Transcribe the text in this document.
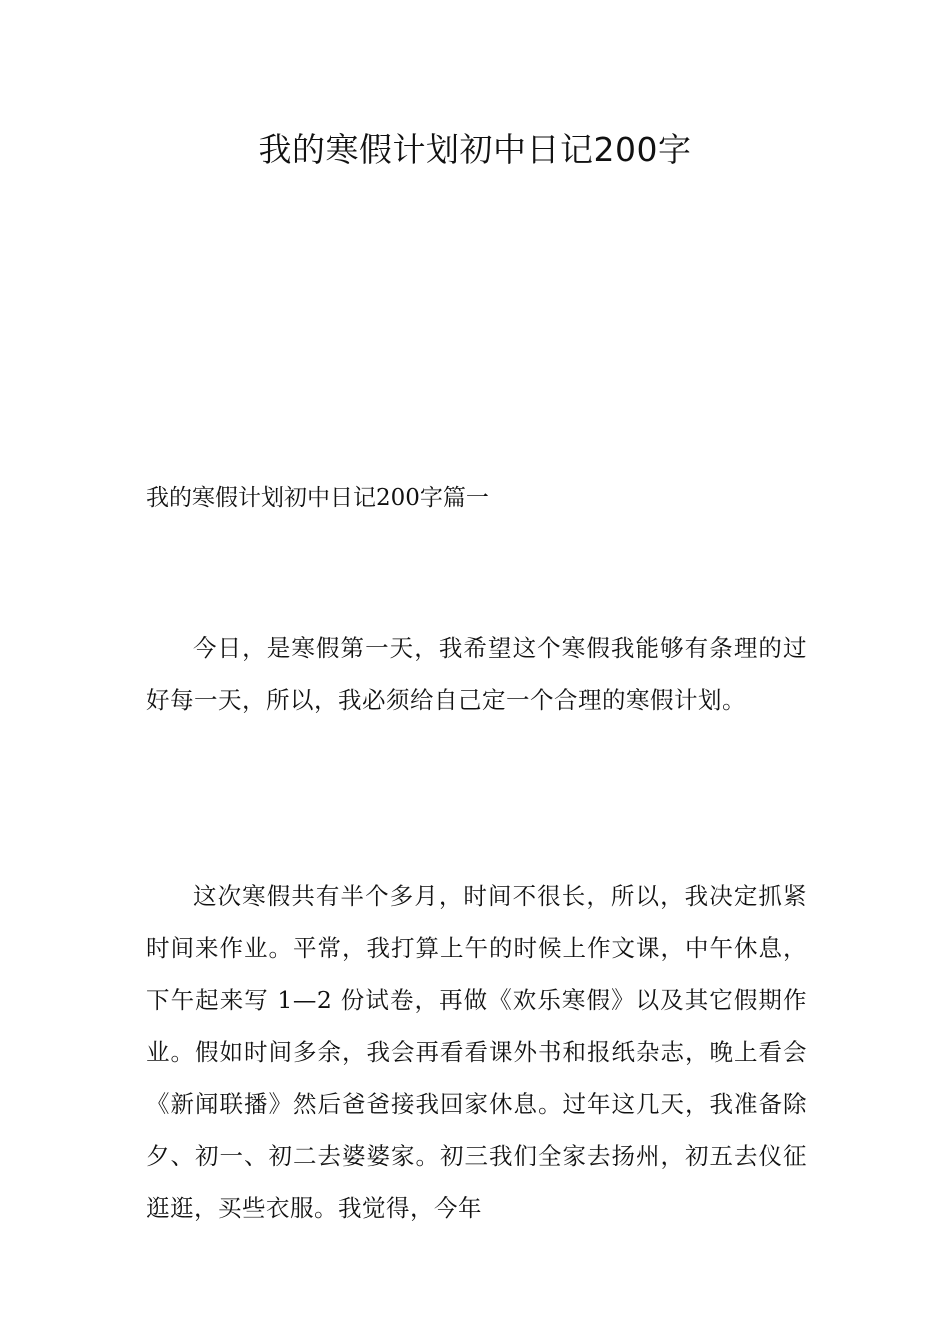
我的寒假计划初中日记200字
我的寒假计划初中日记200字篇一

今日，是寒假第一天，我希望这个寒假我能够有条理的过好每一天，所以，我必须给自己定一个合理的寒假计划。

这次寒假共有半个多月，时间不很长，所以，我决定抓紧时间来作业。平常，我打算上午的时候上作文课，中午休息，下午起来写 1—2 份试卷，再做《欢乐寒假》以及其它假期作业。假如时间多余，我会再看看课外书和报纸杂志，晚上看会《新闻联播》然后爸爸接我回家休息。过年这几天，我准备除夕、初一、初二去婆婆家。初三我们全家去扬州，初五去仪征逛逛，买些衣服。我觉得，今年
